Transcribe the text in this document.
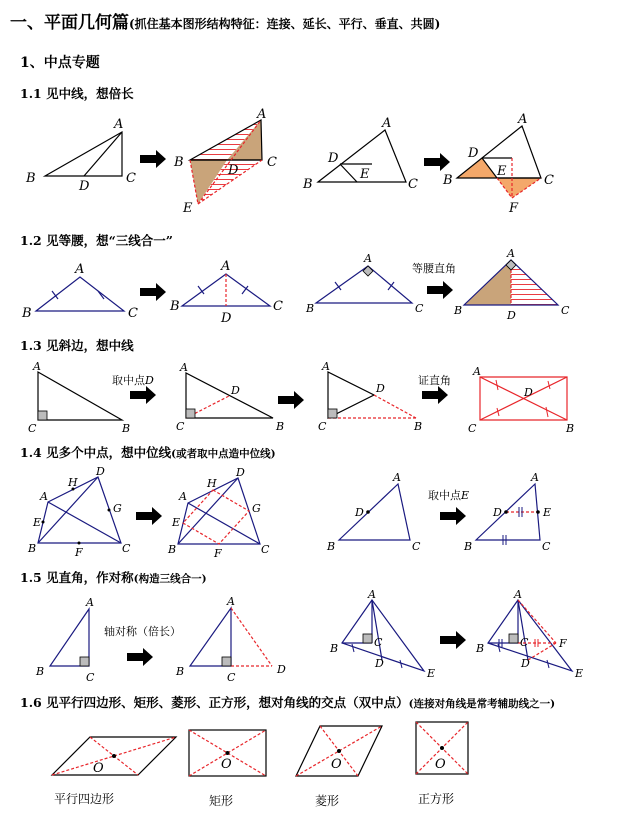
一、平面几何篇(抓住基本图形结构特征：连接、延长、平行、垂直、共圆)
1、中点专题
1.1 见中线，想倍长
1.2 见等腰，想“三线合一”
1.3 见斜边，想中线
1.4 见多个中点，想中位线(或者取中点造中位线)
1.5 见直角，作对称(构造三线合一)
1.6 见平行四边形、矩形、菱形、正方形，想对角线的交点（双中点）(连接对角线是常考辅助线之一)
B
A
C
D
B
A
C
D
E
B
A
C
D
E	B
A
C
D
E
F
B
A
C B
A
C
D
B
A
C
等腰直角
B
A
C
D
A
C	B
取中点D
A
C	B
D
A
C	B
D
证直角
A
C	B
D
D
H
A
G
E
B	C
F
D
H
A
G
E
B	C
F
A
B	C
D
取中点E
A
B	C
D	E
A
B	C
轴对称（倍长）
A
B	C
D
A
B	C
D
E
A
B	C
D
E
F
O	O	O	O
平行四边形	矩形	菱形	正方形
